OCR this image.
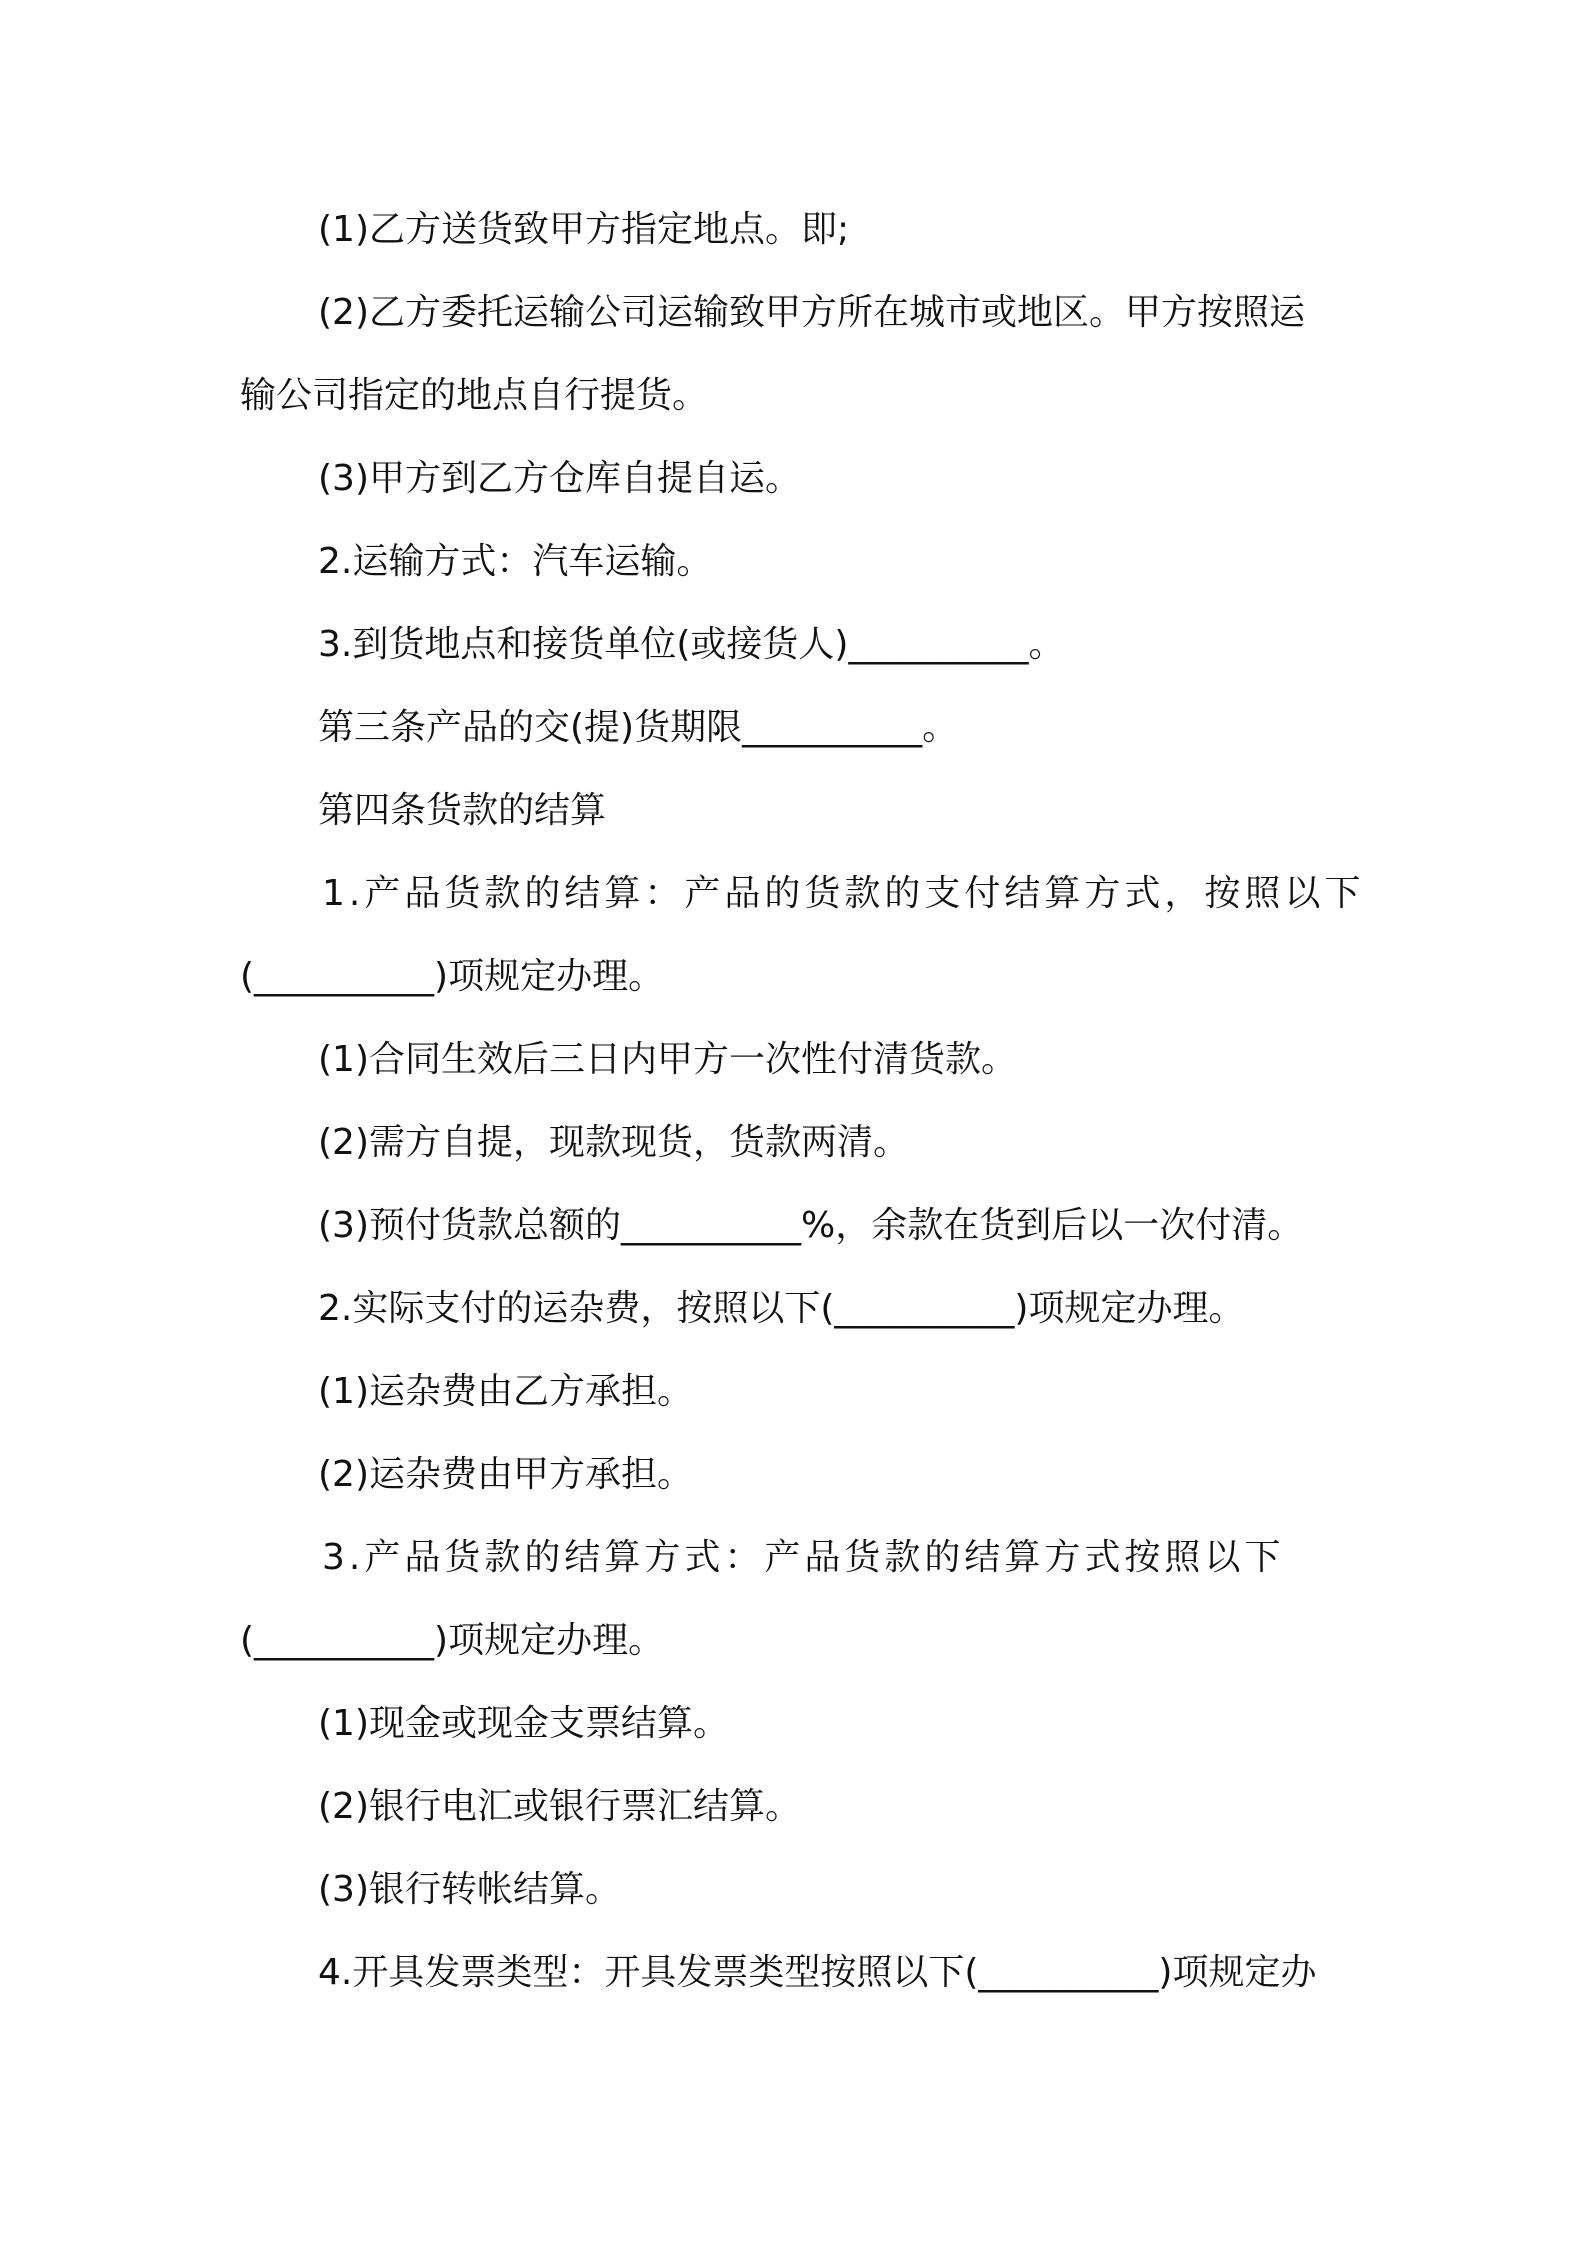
(1)乙方送货致甲方指定地点。即;
(2)乙方委托运输公司运输致甲方所在城市或地区。甲方按照运
输公司指定的地点自行提货。
(3)甲方到乙方仓库自提自运。
2.运输方式：汽车运输。
3.到货地点和接货单位(或接货人)__________。
第三条产品的交(提)货期限__________。
第四条货款的结算
1.产品货款的结算：产品的货款的支付结算方式，按照以下
(__________)项规定办理。
(1)合同生效后三日内甲方一次性付清货款。
(2)需方自提，现款现货，货款两清。
(3)预付货款总额的__________%，余款在货到后以一次付清。
2.实际支付的运杂费，按照以下(__________)项规定办理。
(1)运杂费由乙方承担。
(2)运杂费由甲方承担。
3.产品货款的结算方式：产品货款的结算方式按照以下
(__________)项规定办理。
(1)现金或现金支票结算。
(2)银行电汇或银行票汇结算。
(3)银行转帐结算。
4.开具发票类型：开具发票类型按照以下(__________)项规定办
